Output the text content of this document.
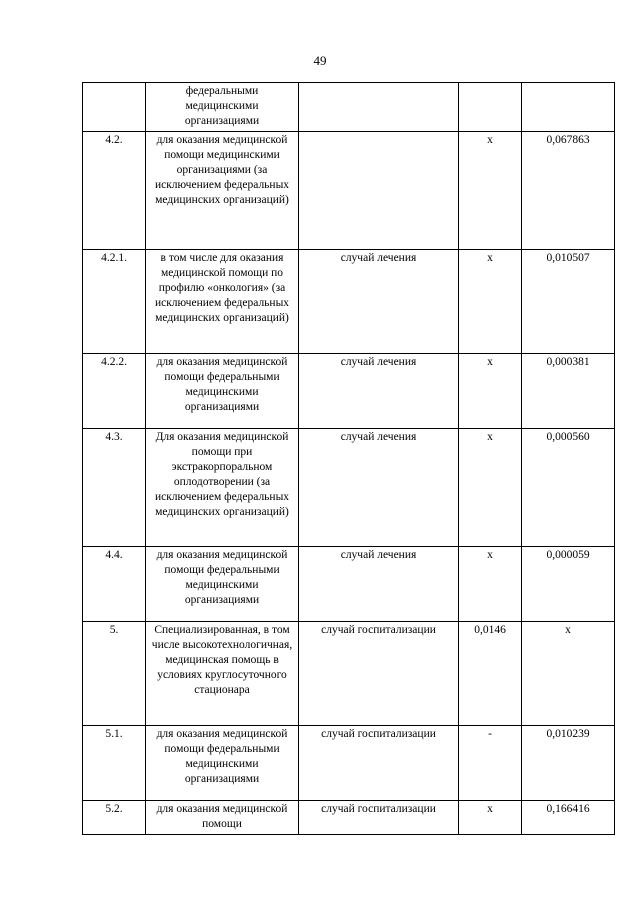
49
	федеральными медицинскими организациями			
4.2.	для оказания медицинской помощи медицинскими организациями (за исключением федеральных медицинских организаций)		х	0,067863
4.2.1.	в том числе для оказания медицинской помощи по профилю «онкология» (за исключением федеральных медицинских организаций)	случай лечения	х	0,010507
4.2.2.	для оказания медицинской помощи федеральными медицинскими организациями	случай лечения	х	0,000381
4.3.	Для оказания медицинской помощи при экстракорпоральном оплодотворении (за исключением федеральных медицинских организаций)	случай лечения	х	0,000560
4.4.	для оказания медицинской помощи федеральными медицинскими организациями	случай лечения	х	0,000059
5.	Специализированная, в том числе высокотехнологичная, медицинская помощь в условиях круглосуточного стационара	случай госпитализации	0,0146	х
5.1.	для оказания медицинской помощи федеральными медицинскими организациями	случай госпитализации	-	0,010239
5.2.	для оказания медицинской помощи	случай госпитализации	х	0,166416
